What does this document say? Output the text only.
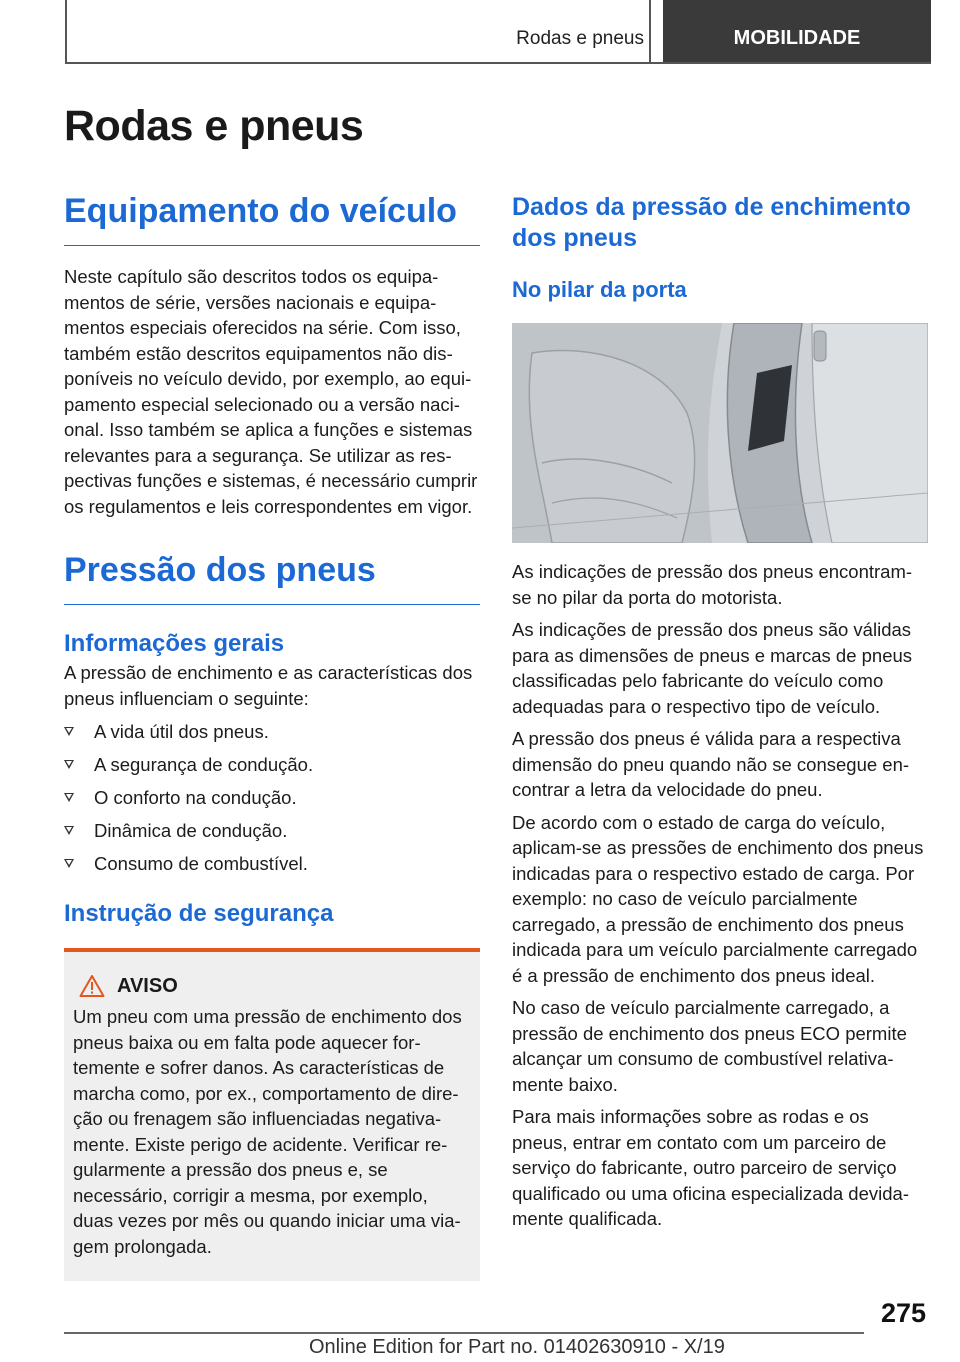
Rodas e pneus	MOBILIDADE
Rodas e pneus
Equipamento do veículo

Neste capítulo são descritos todos os equipamentos de série, versões nacionais e equipamentos especiais oferecidos na série. Com isso, também estão descritos equipamentos não disponíveis no veículo devido, por exemplo, ao equipamento especial selecionado ou a versão nacional. Isso também se aplica a funções e sistemas relevantes para a segurança. Se utilizar as respectivas funções e sistemas, é necessário cumprir os regulamentos e leis correspondentes em vigor.

Pressão dos pneus
Informações gerais

A pressão de enchimento e as características dos pneus influenciam o seguinte:

A vida útil dos pneus.
A segurança de condução.
O conforto na condução.
Dinâmica de condução.
Consumo de combustível.
Instrução de segurança
AVISO

Um pneu com uma pressão de enchimento dos pneus baixa ou em falta pode aquecer fortemente e sofrer danos. As características de marcha como, por ex., comportamento de direção ou frenagem são influenciadas negativamente. Existe perigo de acidente. Verificar regularmente a pressão dos pneus e, se necessário, corrigir a mesma, por exemplo, duas vezes por mês ou quando iniciar uma viagem prolongada.

Dados da pressão de enchimento dos pneus
No pilar da porta

As indicações de pressão dos pneus encontram-se no pilar da porta do motorista.

As indicações de pressão dos pneus são válidas para as dimensões de pneus e marcas de pneus classificadas pelo fabricante do veículo como adequadas para o respectivo tipo de veículo.

A pressão dos pneus é válida para a respectiva dimensão do pneu quando não se consegue encontrar a letra da velocidade do pneu.

De acordo com o estado de carga do veículo, aplicam-se as pressões de enchimento dos pneus indicadas para o respectivo estado de carga. Por exemplo: no caso de veículo parcialmente carregado, a pressão de enchimento dos pneus indicada para um veículo parcialmente carregado é a pressão de enchimento dos pneus ideal.

No caso de veículo parcialmente carregado, a pressão de enchimento dos pneus ECO permite alcançar um consumo de combustível relativamente baixo.

Para mais informações sobre as rodas e os pneus, entrar em contato com um parceiro de serviço do fabricante, outro parceiro de serviço qualificado ou uma oficina especializada devidamente qualificada.

275
Online Edition for Part no. 01402630910 - X/19
